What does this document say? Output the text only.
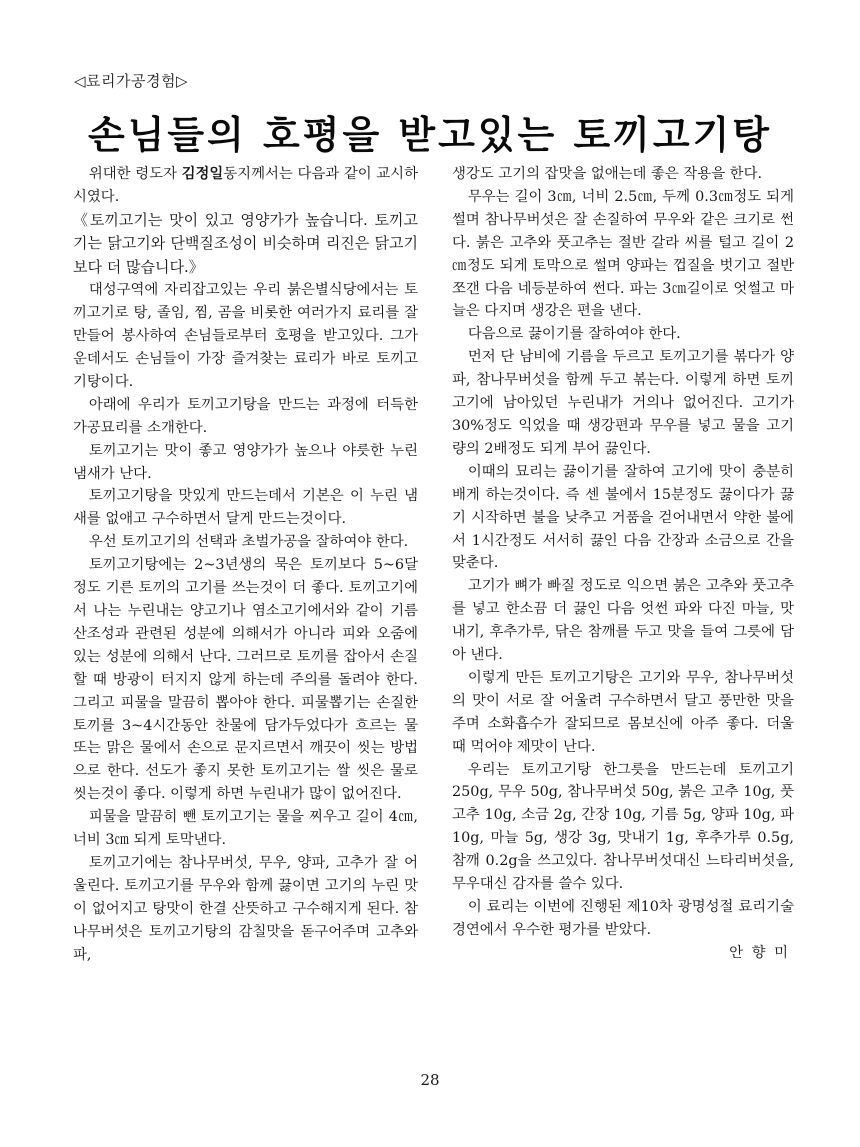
◁료리가공경험▷
손님들의 호평을 받고있는 토끼고기탕

위대한 령도자 김정일동지께서는 다음과 같이 교시하시였다.

《토끼고기는 맛이 있고 영양가가 높습니다. 토끼고기는 닭고기와 단백질조성이 비슷하며 리진은 닭고기보다 더 많습니다.》

대성구역에 자리잡고있는 우리 붉은별식당에서는 토끼고기로 탕, 졸임, 찜, 곰을 비롯한 여러가지 료리를 잘 만들어 봉사하여 손님들로부터 호평을 받고있다. 그가운데서도 손님들이 가장 즐겨찾는 료리가 바로 토끼고기탕이다.

아래에 우리가 토끼고기탕을 만드는 과정에 터득한 가공묘리를 소개한다.

토끼고기는 맛이 좋고 영양가가 높으나 야릇한 누린 냄새가 난다.

토끼고기탕을 맛있게 만드는데서 기본은 이 누린 냄새를 없애고 구수하면서 달게 만드는것이다.

우선 토끼고기의 선택과 초벌가공을 잘하여야 한다.

토끼고기탕에는 2~3년생의 묵은 토끼보다 5~6달정도 기른 토끼의 고기를 쓰는것이 더 좋다. 토끼고기에서 나는 누린내는 양고기나 염소고기에서와 같이 기름산조성과 관련된 성분에 의해서가 아니라 피와 오줌에 있는 성분에 의해서 난다. 그러므로 토끼를 잡아서 손질할 때 방광이 터지지 않게 하는데 주의를 돌려야 한다. 그리고 피물을 말끔히 뽑아야 한다. 피물뽑기는 손질한 토끼를 3~4시간동안 찬물에 담가두었다가 흐르는 물 또는 맑은 물에서 손으로 문지르면서 깨끗이 씻는 방법으로 한다. 선도가 좋지 못한 토끼고기는 쌀 씻은 물로 씻는것이 좋다. 이렇게 하면 누린내가 많이 없어진다.

피물을 말끔히 뺀 토끼고기는 물을 찌우고 길이 4㎝, 너비 3㎝ 되게 토막낸다.

토끼고기에는 참나무버섯, 무우, 양파, 고추가 잘 어울린다. 토끼고기를 무우와 함께 끓이면 고기의 누린 맛이 없어지고 탕맛이 한결 산뜻하고 구수해지게 된다. 참나무버섯은 토끼고기탕의 감칠맛을 돋구어주며 고추와 파,

생강도 고기의 잡맛을 없애는데 좋은 작용을 한다.

무우는 길이 3㎝, 너비 2.5㎝, 두께 0.3㎝정도 되게 썰며 참나무버섯은 잘 손질하여 무우와 같은 크기로 썬다. 붉은 고추와 풋고추는 절반 갈라 씨를 털고 길이 2㎝정도 되게 토막으로 썰며 양파는 껍질을 벗기고 절반 쪼갠 다음 네등분하여 썬다. 파는 3㎝길이로 엇썰고 마늘은 다지며 생강은 편을 낸다.

다음으로 끓이기를 잘하여야 한다.

먼저 단 남비에 기름을 두르고 토끼고기를 볶다가 양파, 참나무버섯을 함께 두고 볶는다. 이렇게 하면 토끼고기에 남아있던 누린내가 거의나 없어진다. 고기가 30%정도 익었을 때 생강편과 무우를 넣고 물을 고기량의 2배정도 되게 부어 끓인다.

이때의 묘리는 끓이기를 잘하여 고기에 맛이 충분히 배게 하는것이다. 즉 센 불에서 15분정도 끓이다가 끓기 시작하면 불을 낮추고 거품을 걷어내면서 약한 불에서 1시간정도 서서히 끓인 다음 간장과 소금으로 간을 맞춘다.

고기가 뼈가 빠질 정도로 익으면 붉은 고추와 풋고추를 넣고 한소끔 더 끓인 다음 엇썬 파와 다진 마늘, 맛내기, 후추가루, 닦은 참깨를 두고 맛을 들여 그릇에 담아 낸다.

이렇게 만든 토끼고기탕은 고기와 무우, 참나무버섯의 맛이 서로 잘 어울려 구수하면서 달고 풍만한 맛을 주며 소화흡수가 잘되므로 몸보신에 아주 좋다. 더울 때 먹어야 제맛이 난다.

우리는 토끼고기탕 한그릇을 만드는데 토끼고기 250g, 무우 50g, 참나무버섯 50g, 붉은 고추 10g, 풋고추 10g, 소금 2g, 간장 10g, 기름 5g, 양파 10g, 파 10g, 마늘 5g, 생강 3g, 맛내기 1g, 후추가루 0.5g, 참깨 0.2g을 쓰고있다. 참나무버섯대신 느타리버섯을, 무우대신 감자를 쓸수 있다.

이 료리는 이번에 진행된 제10차 광명성절 료리기술경연에서 우수한 평가를 받았다.

안 향 미

28
